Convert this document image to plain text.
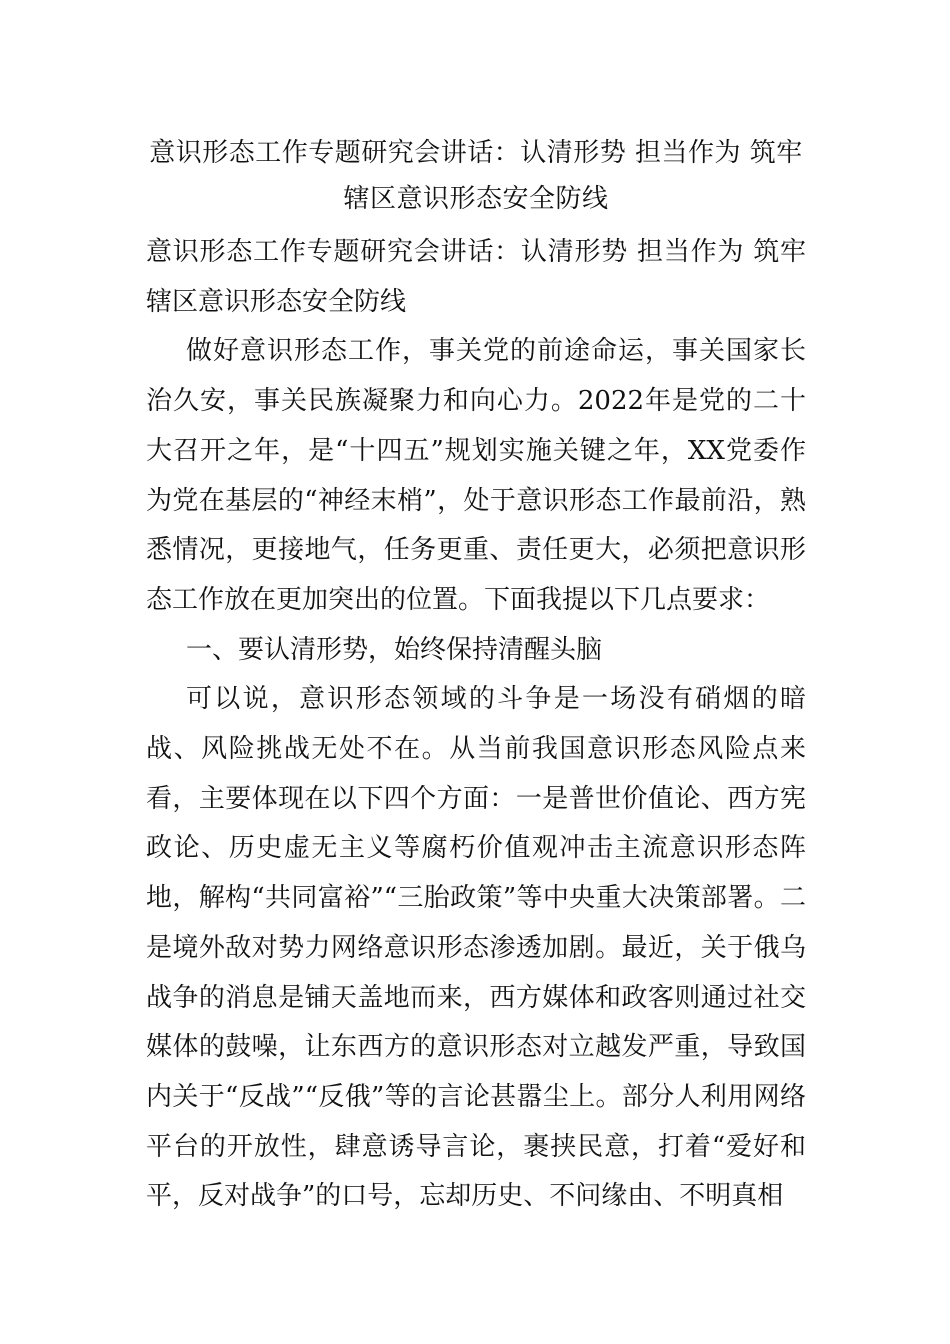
意识形态工作专题研究会讲话：认清形势 担当作为 筑牢辖区意识形态安全防线

意识形态工作专题研究会讲话：认清形势 担当作为 筑牢辖区意识形态安全防线

做好意识形态工作，事关党的前途命运，事关国家长治久安，事关民族凝聚力和向心力。2022年是党的二十大召开之年，是“十四五”规划实施关键之年，XX党委作为党在基层的“神经末梢”，处于意识形态工作最前沿，熟悉情况，更接地气，任务更重、责任更大，必须把意识形态工作放在更加突出的位置。下面我提以下几点要求：

一、要认清形势，始终保持清醒头脑

可以说，意识形态领域的斗争是一场没有硝烟的暗战、风险挑战无处不在。从当前我国意识形态风险点来看，主要体现在以下四个方面：一是普世价值论、西方宪政论、历史虚无主义等腐朽价值观冲击主流意识形态阵地，解构“共同富裕”“三胎政策”等中央重大决策部署。二是境外敌对势力网络意识形态渗透加剧。最近，关于俄乌战争的消息是铺天盖地而来，西方媒体和政客则通过社交媒体的鼓噪，让东西方的意识形态对立越发严重，导致国内关于“反战”“反俄”等的言论甚嚣尘上。部分人利用网络平台的开放性，肆意诱导言论，裹挟民意，打着“爱好和平，反对战争”的口号，忘却历史、不问缘由、不明真相
